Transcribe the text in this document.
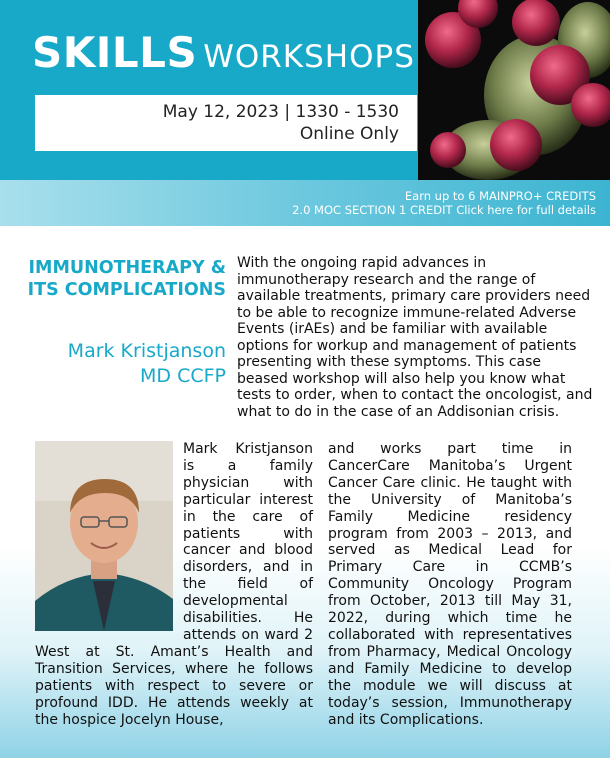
SKILLS WORKSHOPS
May 12, 2023 | 1330 - 1530
Online Only
Earn up to 6 MAINPRO+ CREDITS
2.0 MOC SECTION 1 CREDIT Click here for full details
IMMUNOTHERAPY & ITS COMPLICATIONS
Mark Kristjanson
MD CCFP
With the ongoing rapid advances in immunotherapy research and the range of available treatments, primary care providers need to be able to recognize immune-related Adverse Events (irAEs) and be familiar with available options for workup and management of patients presenting with these symptoms. This case beased workshop will also help you know what tests to order, when to contact the oncologist, and what to do in the case of an Addisonian crisis.
Mark Kristjanson is a family physician with particular interest in the care of patients with cancer and blood disorders, and in the field of developmental disabilities. He attends on ward 2 West at St. Amant’s Health and Transition Services, where he follows patients with respect to severe or profound IDD. He attends weekly at the hospice Jocelyn House,
and works part time in CancerCare Manitoba’s Urgent Cancer Care clinic. He taught with the University of Manitoba’s Family Medicine residency program from 2003 – 2013, and served as Medical Lead for Primary Care in CCMB’s Community Oncology Program from October, 2013 till May 31, 2022, during which time he collaborated with representatives from Pharmacy, Medical Oncology and Family Medicine to develop the module we will discuss at today’s session, Immunotherapy and its Complications.
